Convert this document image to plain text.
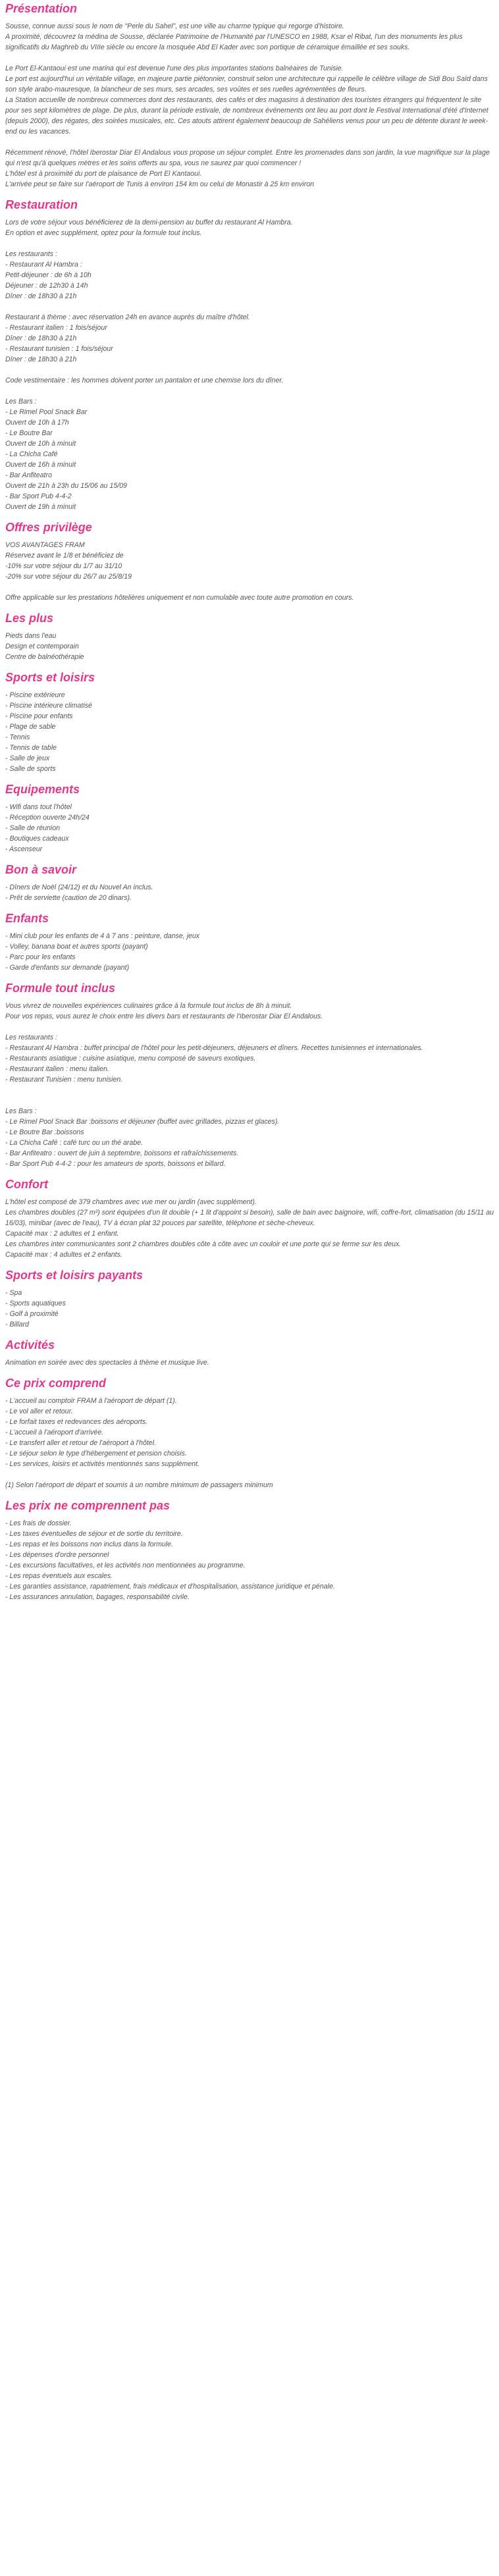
Présentation
Sousse, connue aussi sous le nom de "Perle du Sahel", est une ville au charme typique qui regorge d'histoire.
A proximité, découvrez la médina de Sousse, déclarée Patrimoine de l'Humanité par l'UNESCO en 1988, Ksar el Ribat, l'un des monuments les plus significatifs du Maghreb du VIIIe siècle ou encore la mosquée Abd El Kader avec son portique de céramique émaillée et ses souks.
Le Port El-Kantaoui est une marina qui est devenue l'une des plus importantes stations balnéaires de Tunisie.
Le port est aujourd'hui un véritable village, en majeure partie piétonnier, construit selon une architecture qui rappelle le célèbre village de Sidi Bou Saïd dans son style arabo-mauresque, la blancheur de ses murs, ses arcades, ses voûtes et ses ruelles agrémentées de fleurs.
La Station accueille de nombreux commerces dont des restaurants, des cafés et des magasins à destination des touristes étrangers qui fréquentent le site pour ses sept kilomètres de plage. De plus, durant la période estivale, de nombreux événements ont lieu au port dont le Festival International d'été d'Internet (depuis 2000), des régates, des soirées musicales, etc. Ces atouts attirent également beaucoup de Sahéliens venus pour un peu de détente durant le week-end ou les vacances.
Récemment rénové, l'hôtel Iberostar Diar El Andalous vous propose un séjour complet. Entre les promenades dans son jardin, la vue magnifique sur la plage qui n'est qu'à quelques mètres et les soins offerts au spa, vous ne saurez par quoi commencer !
L'hôtel est à proximité du port de plaisance de Port El Kantaoui.
L'arrivée peut se faire sur l'aéroport de Tunis à environ 154 km ou celui de Monastir à 25 km environ
Restauration
Lors de votre séjour vous bénéficierez de la demi-pension au buffet du restaurant Al Hambra.
En option et avec supplément, optez pour la formule tout inclus.
Les restaurants :
- Restaurant Al Hambra :
Petit-déjeuner : de 6h à 10h
Déjeuner : de 12h30 à 14h
Dîner : de 18h30 à 21h
Restaurant à thème : avec réservation 24h en avance auprès du maître d'hôtel.
- Restaurant italien : 1 fois/séjour
Dîner : de 18h30 à 21h
- Restaurant tunisien : 1 fois/séjour
Dîner : de 18h30 à 21h
Code vestimentaire : les hommes doivent porter un pantalon et une chemise lors du dîner.
Les Bars :
- Le Rimel Pool Snack Bar
Ouvert de 10h à 17h
- Le Boutre Bar
Ouvert de 10h à minuit
- La Chicha Café
Ouvert de 16h à minuit
- Bar Anfiteatro
Ouvert de 21h à 23h du 15/06 au 15/09
- Bar Sport Pub 4-4-2
Ouvert de 19h à minuit
Offres privilège
VOS AVANTAGES FRAM
Réservez avant le 1/8 et bénéficiez de
-10% sur votre séjour du 1/7 au 31/10
-20% sur votre séjour du 26/7 au 25/8/19
Offre applicable sur les prestations hôtelières uniquement et non cumulable avec toute autre promotion en cours.
Les plus
Pieds dans l'eau
Design et contemporain
Centre de balnéothérapie
Sports et loisirs
- Piscine extérieure
- Piscine intérieure climatisé
- Piscine pour enfants
- Plage de sable
- Tennis
- Tennis de table
- Salle de jeux
- Salle de sports
Equipements
- Wifi dans tout l'hôtel
- Réception ouverte 24h/24
- Salle de réunion
- Boutiques cadeaux
- Ascenseur
Bon à savoir
- Dîners de Noël (24/12) et du Nouvel An inclus.
- Prêt de serviette (caution de 20 dinars).
Enfants
- Mini club pour les enfants de 4 à 7 ans : peinture, danse, jeux
- Volley, banana boat et autres sports (payant)
- Parc pour les enfants
- Garde d'enfants sur demande (payant)
Formule tout inclus
Vous vivrez de nouvelles expériences culinaires grâce à la formule tout inclus de 8h à minuit.
Pour vos repas, vous aurez le choix entre les divers bars et restaurants de l'Iberostar Diar El Andalous.
Les restaurants :
- Restaurant Al Hambra : buffet principal de l'hôtel pour les petit-déjeuners, déjeuners et dîners. Recettes tunisiennes et internationales.
- Restaurants asiatique : cuisine asiatique, menu composé de saveurs exotiques.
- Restaurant italien : menu italien.
- Restaurant Tunisien : menu tunisien.
Les Bars :
- Le Rimel Pool Snack Bar :boissons et déjeuner (buffet avec grillades, pizzas et glaces).
- Le Boutre Bar :boissons
- La Chicha Café : café turc ou un thé arabe.
- Bar Anfiteatro : ouvert de juin à septembre, boissons et rafraîchissements.
- Bar Sport Pub 4-4-2 : pour les amateurs de sports, boissons et billard.
Confort
L'hôtel est composé de 379 chambres avec vue mer ou jardin (avec supplément).
Les chambres doubles (27 m²) sont équipées d'un lit double (+ 1 lit d'appoint si besoin), salle de bain avec baignoire, wifi, coffre-fort, climatisation (du 15/11 au 16/03), minibar (avec de l'eau), TV à écran plat 32 pouces par satellite, téléphone et sèche-cheveux.
Capacité max : 2 adultes et 1 enfant.
Les chambres inter communicantes sont 2 chambres doubles côte à côte avec un couloir et une porte qui se ferme sur les deux.
Capacité max : 4 adultes et 2 enfants.
Sports et loisirs payants
- Spa
- Sports aquatiques
- Golf à proximité
- Billard
Activités
Animation en soirée avec des spectacles à thème et musique live.
Ce prix comprend
- L'accueil au comptoir FRAM à l'aéroport de départ (1).
- Le vol aller et retour.
- Le forfait taxes et redevances des aéroports.
- L'accueil à l'aéroport d'arrivée.
- Le transfert aller et retour de l'aéroport à l'hôtel.
- Le séjour selon le type d'hébergement et pension choisis.
- Les services, loisirs et activités mentionnés sans supplément.
(1) Selon l'aéroport de départ et soumis à un nombre minimum de passagers minimum
Les prix ne comprennent pas
- Les frais de dossier.
- Les taxes éventuelles de séjour et de sortie du territoire.
- Les repas et les boissons non inclus dans la formule.
- Les dépenses d'ordre personnel
- Les excursions facultatives, et les activités non mentionnées au programme.
- Les repas éventuels aux escales.
- Les garanties assistance, rapatriement, frais médicaux et d'hospitalisation, assistance juridique et pénale.
- Les assurances annulation, bagages, responsabilité civile.
